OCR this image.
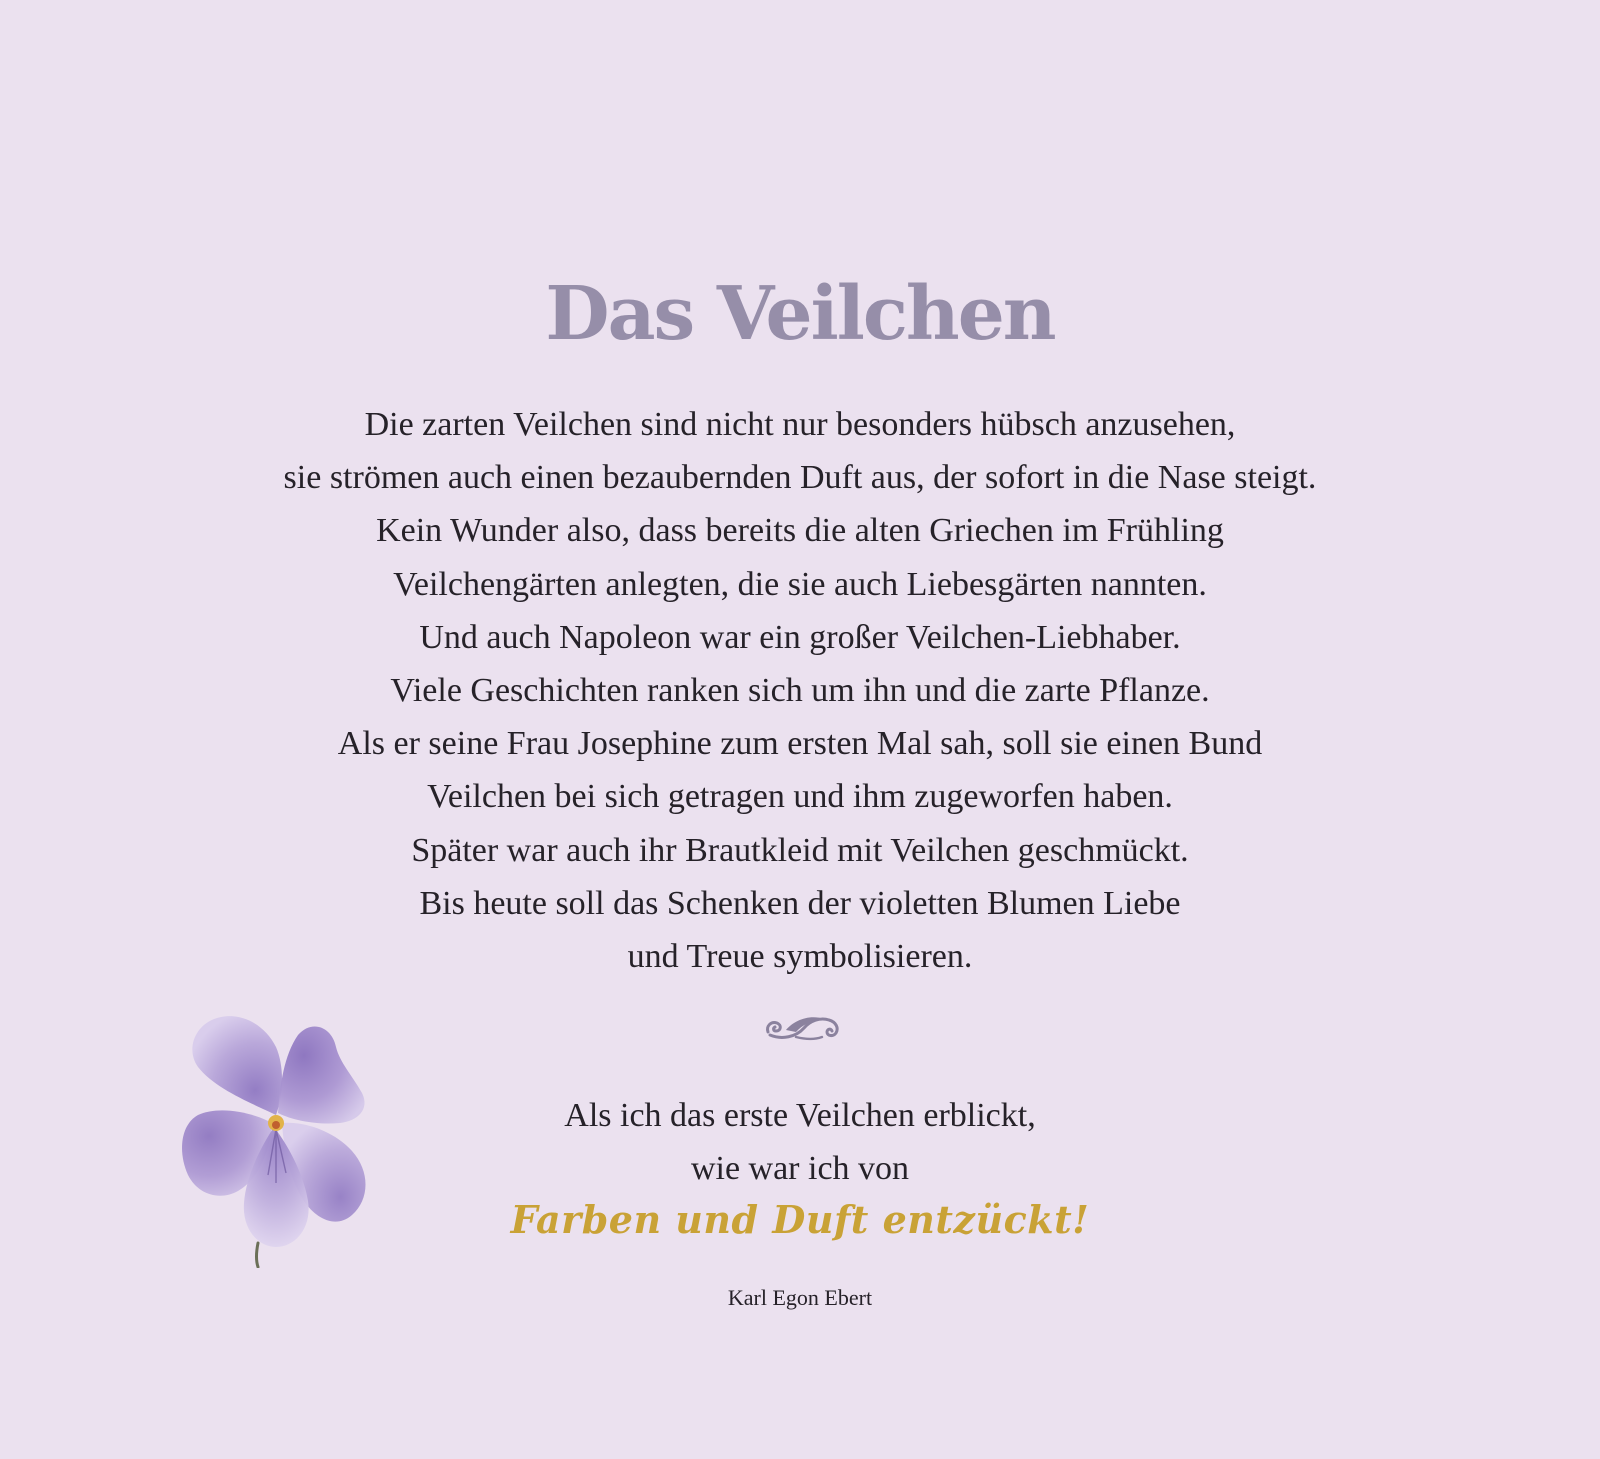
Das Veilchen
Die zarten Veilchen sind nicht nur besonders hübsch anzusehen,
sie strömen auch einen bezaubernden Duft aus, der sofort in die Nase steigt.
Kein Wunder also, dass bereits die alten Griechen im Frühling
Veilchengärten anlegten, die sie auch Liebesgärten nannten.
Und auch Napoleon war ein großer Veilchen-Liebhaber.
Viele Geschichten ranken sich um ihn und die zarte Pflanze.
Als er seine Frau Josephine zum ersten Mal sah, soll sie einen Bund
Veilchen bei sich getragen und ihm zugeworfen haben.
Später war auch ihr Brautkleid mit Veilchen geschmückt.
Bis heute soll das Schenken der violetten Blumen Liebe
und Treue symbolisieren.
Als ich das erste Veilchen erblickt,
wie war ich von
Farben und Duft entzückt!
Karl Egon Ebert
